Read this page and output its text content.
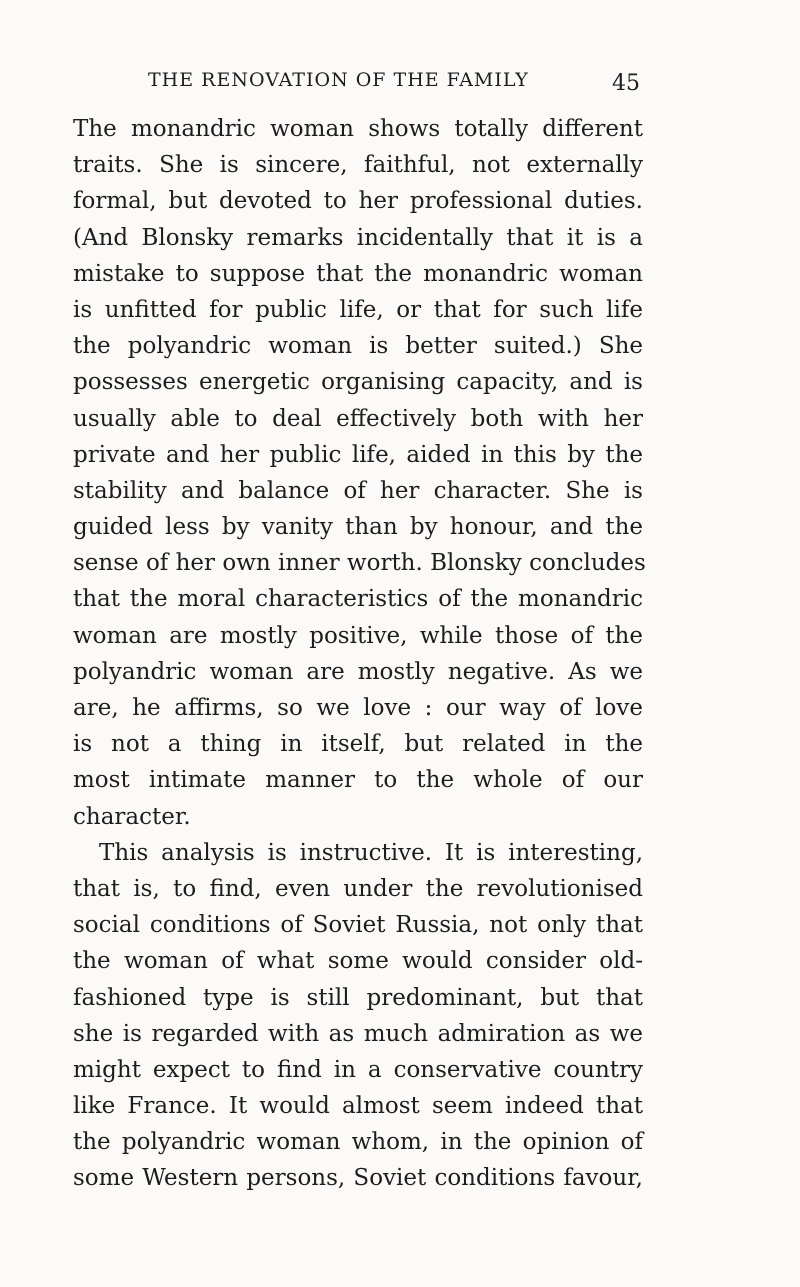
THE RENOVATION OF THE FAMILY	45
The monandric woman shows totally different
traits. She is sincere, faithful, not externally
formal, but devoted to her professional duties.
(And Blonsky remarks incidentally that it is a
mistake to suppose that the monandric woman
is unfitted for public life, or that for such life
the polyandric woman is better suited.) She
possesses energetic organising capacity, and is
usually able to deal effectively both with her
private and her public life, aided in this by the
stability and balance of her character. She is
guided less by vanity than by honour, and the
sense of her own inner worth. Blonsky concludes
that the moral characteristics of the monandric
woman are mostly positive, while those of the
polyandric woman are mostly negative. As we
are, he affirms, so we love : our way of love
is not a thing in itself, but related in the
most intimate manner to the whole of our
character.
This analysis is instructive. It is interesting,
that is, to find, even under the revolutionised
social conditions of Soviet Russia, not only that
the woman of what some would consider old-
fashioned type is still predominant, but that
she is regarded with as much admiration as we
might expect to find in a conservative country
like France. It would almost seem indeed that
the polyandric woman whom, in the opinion of
some Western persons, Soviet conditions favour,
